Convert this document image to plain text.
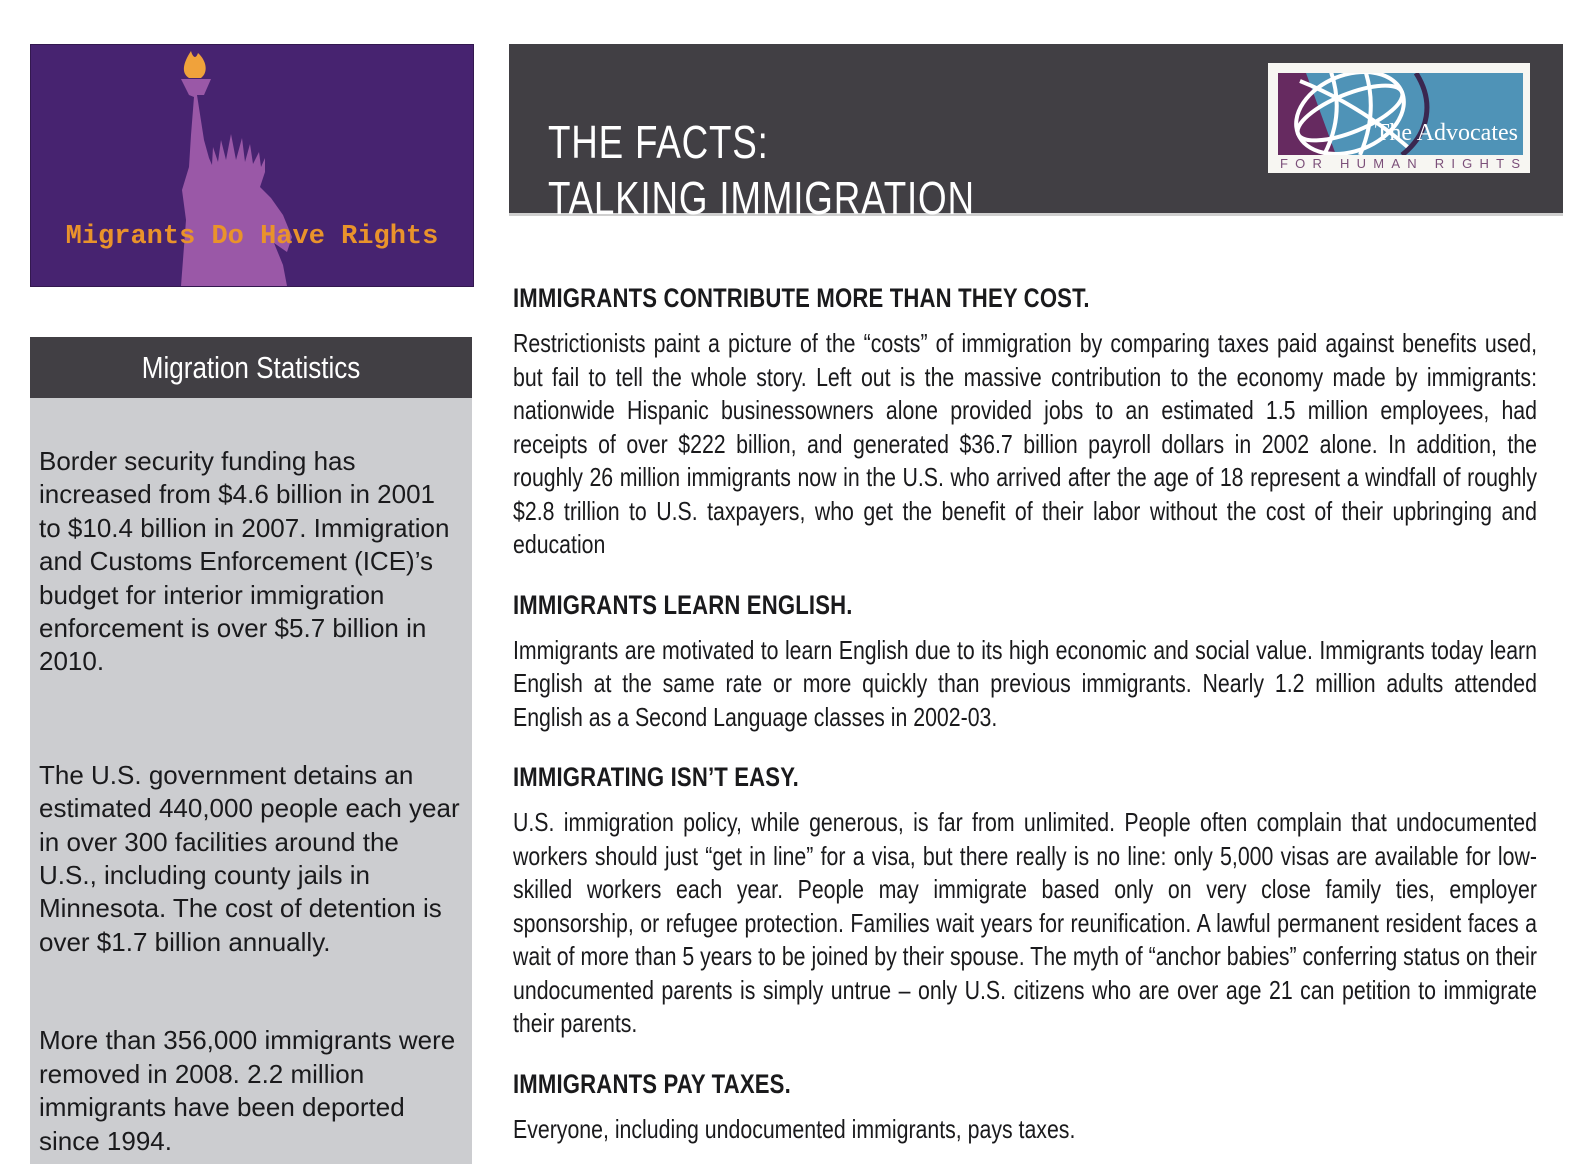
Migrants Do Have Rights
Migration Statistics

Border security funding has increased from $4.6 billion in 2001 to $10.4 billion in 2007. Immigration and Customs Enforcement (ICE)’s budget for interior immigration enforcement is over $5.7 billion in 2010.

The U.S. government detains an estimated 440,000 people each year in over 300 facilities around the U.S., including county jails in Minnesota. The cost of detention is over $1.7 billion annually.

More than 356,000 immigrants were removed in 2008. 2.2 million immigrants have been deported since 1994.

THE FACTS:
TALKING IMMIGRATION
The Advocates
FOR HUMAN RIGHTS
IMMIGRANTS CONTRIBUTE MORE THAN THEY COST.

Restrictionists paint a picture of the “costs” of immigration by comparing taxes paid against benefits used, but fail to tell the whole story. Left out is the massive contribution to the economy made by immigrants: nationwide Hispanic businessowners alone provided jobs to an estimated 1.5 million employees, had receipts of over $222 billion, and generated $36.7 billion payroll dollars in 2002 alone. In addition, the roughly 26 million immigrants now in the U.S. who arrived after the age of 18 represent a windfall of roughly $2.8 trillion to U.S. taxpayers, who get the benefit of their labor without the cost of their upbringing and education

IMMIGRANTS LEARN ENGLISH.

Immigrants are motivated to learn English due to its high economic and social value. Immigrants today learn English at the same rate or more quickly than previous immigrants. Nearly 1.2 million adults attended English as a Second Language classes in 2002-03.

IMMIGRATING ISN’T EASY.

U.S. immigration policy, while generous, is far from unlimited. People often complain that undocumented workers should just “get in line” for a visa, but there really is no line: only 5,000 visas are available for low-skilled workers each year. People may immigrate based only on very close family ties, employer sponsorship, or refugee protection. Families wait years for reunification. A lawful permanent resident faces a wait of more than 5 years to be joined by their spouse. The myth of “anchor babies” conferring status on their undocumented parents is simply untrue – only U.S. citizens who are over age 21 can petition to immigrate their parents.

IMMIGRANTS PAY TAXES.

Everyone, including undocumented immigrants, pays taxes.
